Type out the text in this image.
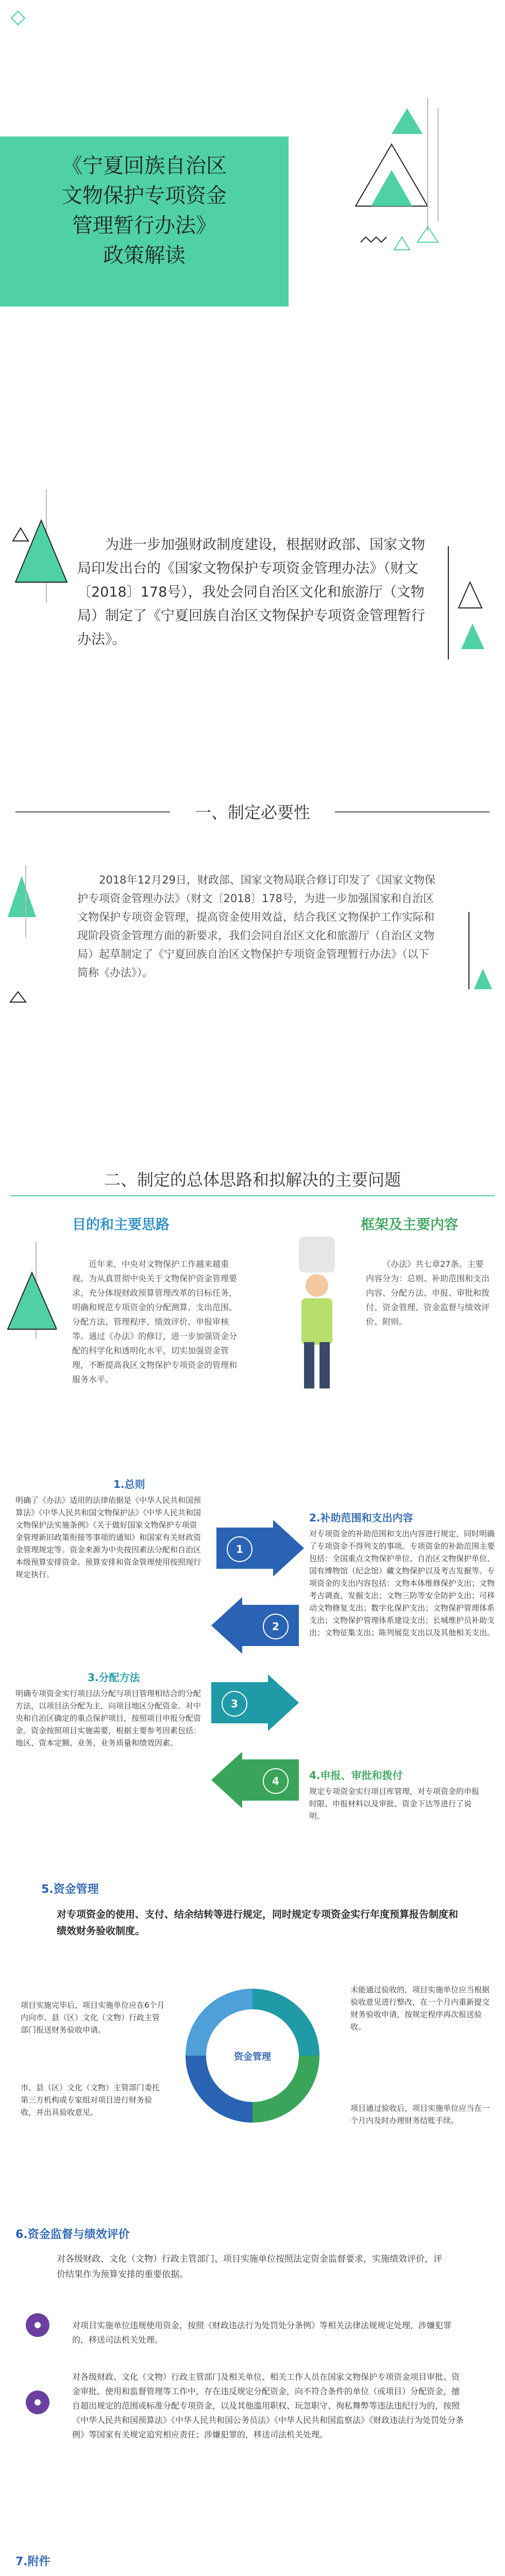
《宁夏回族自治区
文物保护专项资金
管理暂行办法》
政策解读
为进一步加强财政制度建设，根据财政部、国家文物局印发出台的《国家文物保护专项资金管理办法》（财文〔2018〕178号），我处会同自治区文化和旅游厅（文物局）制定了《宁夏回族自治区文物保护专项资金管理暂行办法》。
一、制定必要性
2018年12月29日，财政部、国家文物局联合修订印发了《国家文物保护专项资金管理办法》（财文〔2018〕178号，为进一步加强国家和自治区文物保护专项资金管理，提高资金使用效益，结合我区文物保护工作实际和现阶段资金管理方面的新要求，我们会同自治区文化和旅游厅（自治区文物局）起草制定了《宁夏回族自治区文物保护专项资金管理暂行办法》（以下简称《办法》）。
二、制定的总体思路和拟解决的主要问题
目的和主要思路	框架及主要内容
近年来，中央对文物保护工作越来越重视。为从真贯彻中央关于文物保护资金管理要求，充分体现财政预算管理改革的目标任务，明确和规范专项资金的分配测算、支出范围、分配方法、管理程序、绩效评价、申报审核等。通过《办法》的修订，进一步加强资金分配的科学化和透明化水平，切实加强资金管理，不断提高我区文物保护专项资金的管理和服务水平。
《办法》共七章27条。主要内容分为：总则、补助范围和支出内容、分配方法、申报、审批和拨付、资金管理、资金监督与绩效评价、附则。
1
1.总则
明确了《办法》适用的法律依据是《中华人民共和国预算法》《中华人民共和国文物保护法》《中华人民共和国文物保护法实施条例》《关于做好国家文物保护专项资金管理新旧政策衔接等事项的通知》和国家有关财政资金管理规定等。资金来源为中央按因素法分配和自治区本级预算安排资金。预算安排和资金管理使用按照现行规定执行。
2
2.补助范围和支出内容
对专项资金的补助范围和支出内容进行规定，同时明确了专项资金不得列支的事项。专项资金的补助范围主要包括：全国重点文物保护单位、自治区文物保护单位、国有博物馆（纪念馆）藏文物保护以及考古发掘等。专项资金的支出内容包括：文物本体维修保护支出；文物考古调查、发掘支出；文物三防等安全防护支出；可移动文物修复支出；数字化保护支出；文物保护管理体系支出；文物保护管理体系建设支出；长城维护员补助支出；文物征集支出；陈列展览支出以及其他相关支出。
3
3.分配方法
明确专项资金实行项目法分配与项目管理相结合的分配方法，以项目法分配为主，向项目地区分配资金。对中央和自治区确定的重点保护项目，按照项目申报分配资金。资金按照项目实施需要，根据主要参考因素包括：地区、资本定额、业务、业务质量和绩效因素。
4	4.申报、审批和拨付
规定专项资金实行项目库管理，对专项资金的申报时限、申报材料以及审批、资金下达等进行了说明。
5.资金管理
对专项资金的使用、支付、结余结转等进行规定，同时规定专项资金实行年度预算报告制度和绩效财务验收制度。
资金管理
项目实施完毕后，项目实施单位应在6个月内向市、县（区）文化（文物）行政主管部门报送财务验收申请。
市、县（区）文化（文物）主管部门委托第三方机构或专家组对项目进行财务验收，并出具验收意见。
未能通过验收的，项目实施单位应当根据验收意见进行整改，在一个月内重新提交财务验收申请，按规定程序再次报送验收。
项目通过验收后，项目实施单位应当在一个月内及时办理财务结账手续。
6.资金监督与绩效评价
对各级财政、文化（文物）行政主管部门、项目实施单位按照法定资金监督要求，实施绩效评价，评价结果作为预算安排的重要依据。
对项目实施单位违规使用资金，按照《财政违法行为处罚处分条例》等相关法律法规规定处理，涉嫌犯罪的，移送司法机关处理。
对各级财政、文化（文物）行政主管部门及相关单位、相关工作人员在国家文物保护专项资金项目审批、资金审批、使用和监督管理等工作中，存在违反规定分配资金，向不符合条件的单位（或项目）分配资金，擅自超出规定的范围或标准分配专项资金，以及其他滥用职权、玩忽职守、徇私舞弊等违法违纪行为的，按照《中华人民共和国预算法》《中华人民共和国公务员法》《中华人民共和国监察法》《财政违法行为处罚处分条例》等国家有关规定追究相应责任；涉嫌犯罪的，移送司法机关处理。
7.附件
